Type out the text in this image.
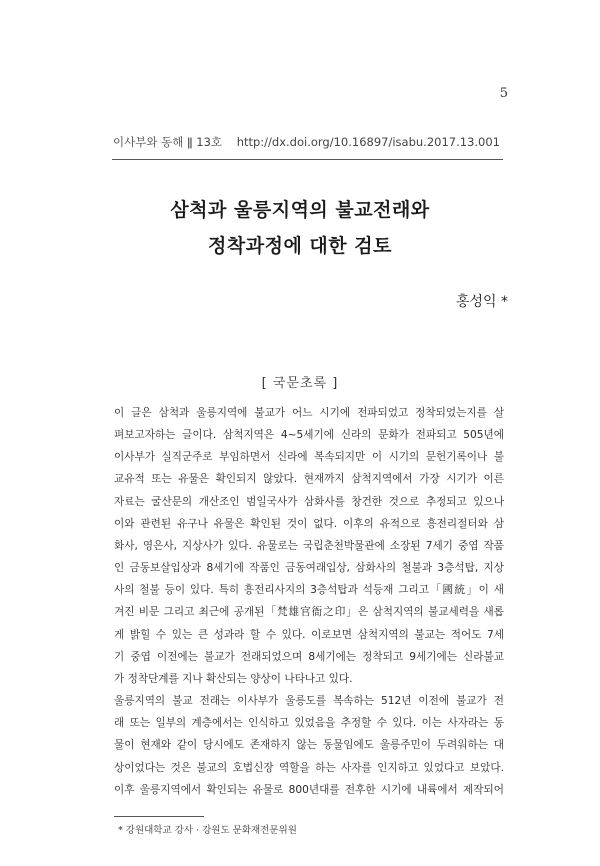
5
이사부와 동해 ǁ 13호 http://dx.doi.org/10.16897/isabu.2017.13.001
삼척과 울릉지역의 불교전래와
정착과정에 대한 검토
홍성익 *
[ 국문초록 ]
이 글은 삼척과 울릉지역에 불교가 어느 시기에 전파되었고 정착되었는지를 살
펴보고자하는 글이다. 삼척지역은 4~5세기에 신라의 문화가 전파되고 505년에
이사부가 실직군주로 부임하면서 신라에 복속되지만 이 시기의 문헌기록이나 불
교유적 또는 유물은 확인되지 않았다. 현재까지 삼척지역에서 가장 시기가 이른
자료는 굴산문의 개산조인 범일국사가 삼화사를 창건한 것으로 추정되고 있으나
이와 관련된 유구나 유물은 확인된 것이 없다. 이후의 유적으로 흥전리절터와 삼
화사, 영은사, 지상사가 있다. 유물로는 국립춘천박물관에 소장된 7세기 중엽 작품
인 금동보살입상과 8세기에 작품인 금동여래입상, 삼화사의 철불과 3층석탑, 지상
사의 철불 등이 있다. 특히 흥전리사지의 3층석탑과 석등재 그리고「國統」이 새
겨진 비문 그리고 최근에 공개된「梵雄官衙之印」은 삼척지역의 불교세력을 새롭
게 밝힐 수 있는 큰 성과라 할 수 있다. 이로보면 삼척지역의 불교는 적어도 7세
기 중엽 이전에는 불교가 전래되었으며 8세기에는 정착되고 9세기에는 신라불교
가 정착단계를 지나 확산되는 양상이 나타나고 있다.
울릉지역의 불교 전래는 이사부가 울릉도를 복속하는 512년 이전에 불교가 전
래 또는 일부의 계층에서는 인식하고 있었음을 추정할 수 있다. 이는 사자라는 동
물이 현재와 같이 당시에도 존재하지 않는 동물임에도 울릉주민이 두려워하는 대
상이었다는 것은 불교의 호법신장 역할을 하는 사자를 인지하고 있었다고 보았다.
이후 울릉지역에서 확인되는 유물로 800년대를 전후한 시기에 내륙에서 제작되어
* 강원대학교 강사 · 강원도 문화재전문위원
